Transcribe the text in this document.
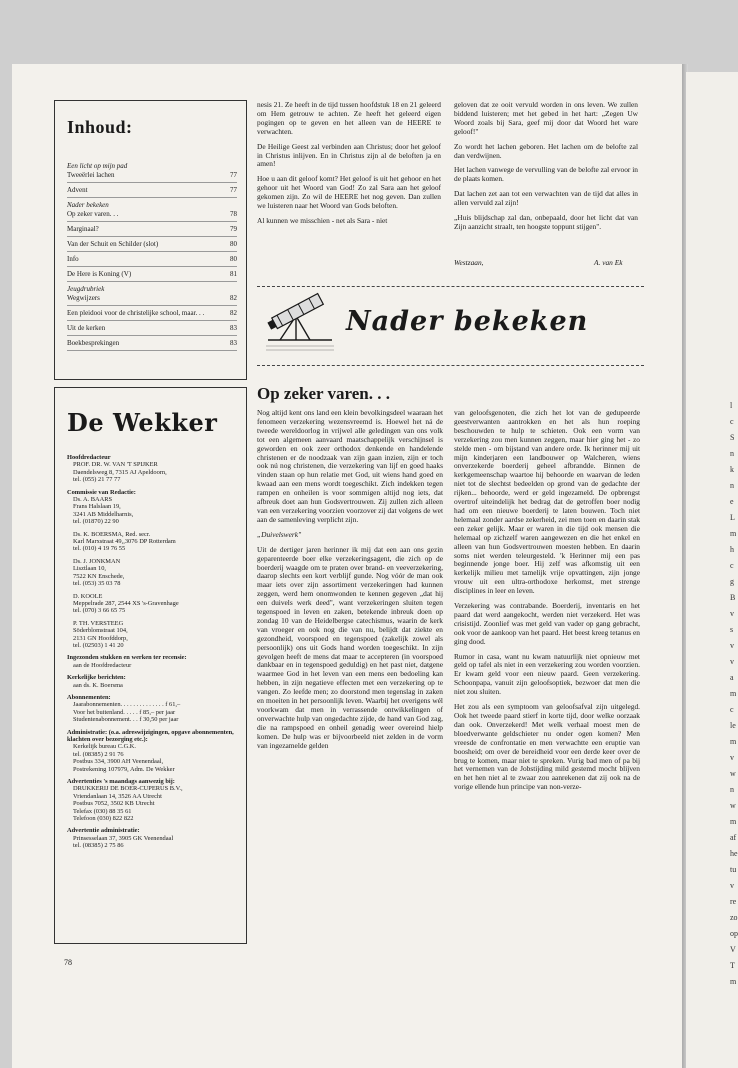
l
c
S
n
k
n
e
L
m
h
c
g
B
v
s
v
v
a
m
c
le
m
v
w
n
w
m
af
he
tu
v
re
zo
op
V
T
m
Inhoud:
Een licht op mijn pad
Tweeërlei lachen	77
Advent	77
Nader bekeken
Op zeker varen. . .	78
Marginaal?	79
Van der Schuit en Schilder (slot)	80
Info	80
De Here is Koning (V)	81
Jeugdrubriek
Wegwijzers	82
Een pleidooi voor de christelijke school, maar. . .	82
Uit de kerken	83
Boekbesprekingen	83
De Wekker
Hoofdredacteur
PROF. DR. W. VAN 'T SPIJKER
Daendelsweg 8, 7315 AJ Apeldoorn,
tel. (055) 21 77 77
Commissie van Redactie:
Ds. A. BAARS
Frans Halslaan 19,
3241 AB Middelharnis,
tel. (01870) 22 90
Ds. K. BOERSMA, Red. secr.
Karl Marxstraat 49,,3076 DP Rotterdam
tel. (010) 4 19 76 55
Ds. J. JONKMAN
Lisztlaan 10,
7522 KN Enschede,
tel. (053) 35 03 78
D. KOOLE
Meppelrade 287, 2544 XS 's-Gravenhage
tel. (070) 3 66 65 75
P. TH. VERSTEEG
Söderblomstraat 104,
2131 GN Hoofddorp,
tel. (02503) 1 41 20
Ingezonden stukken en werken ter recensie:
aan de Hoofdredacteur
Kerkelijke berichten:
aan ds. K. Boersma
Abonnementen:
Jaarabonnementen. . . . . . . . . . . . . . f 61,–
Voor het buitenland. . . . . f 85,– per jaar
Studentenabonnement. . . f 30,50 per jaar
Administratie: (o.a. adreswijzigingen, opgave abonnementen, klachten over bezorging etc.):
Kerkelijk bureau C.G.K.
tel. (08385) 2 91 76
Postbus 334, 3900 AH Veenendaal,
Postrekening 107979, Adm. De Wekker
Advertenties 's maandags aanwezig bij:
DRUKKERIJ DE BOER-CUPERUS B.V.,
Vriendanlaan 14, 3526 AA Utrecht
Postbus 7052, 3502 KB Utrecht
Telefax (030) 88 35 61
Telefoon (030) 822 822
Advertentie administratie:
Prinsesselaan 37, 3905 GK Veenendaal
tel. (08385) 2 75 86

nesis 21. Ze heeft in de tijd tussen hoofdstuk 18 en 21 geleerd om Hem getrouw te achten. Ze heeft het geleerd eigen pogingen op te geven en het alleen van de HEERE te verwachten.

De Heilige Geest zal verbinden aan Christus; door het geloof in Christus inlijven. En in Christus zijn al de beloften ja en amen!

Hoe u aan dit geloof komt? Het geloof is uit het gehoor en het gehoor uit het Woord van God! Zo zal Sara aan het geloof gekomen zijn. Zo wil de HEERE het nog geven. Dan zullen we luisteren naar het Woord van Gods beloften.

Al kunnen we misschien - net als Sara - niet

geloven dat ze ooit vervuld worden in ons leven. We zullen biddend luisteren; met het gebed in het hart: „Zegen Uw Woord zoals bij Sara, geef mij door dat Woord het ware geloof!"

Zo wordt het lachen geboren. Het lachen om de belofte zal dan verdwijnen.

Het lachen vanwege de vervulling van de belofte zal ervoor in de plaats komen.

Dat lachen zet aan tot een verwachten van de tijd dat alles in allen vervuld zal zijn!

„Huis blijdschap zal dan, onbepaald, door het licht dat van Zijn aanzicht straalt, ten hoogste toppunt stijgen".

Westzaan,	A. van Ek
Nader bekeken
Op zeker varen. . .

Nog altijd kent ons land een klein bevolkingsdeel waaraan het fenomeen verzekering wezensvreemd is. Hoewel het ná de tweede wereldoorlog in vrijwel alle geledingen van ons volk tot een algemeen aanvaard maatschappelijk verschijnsel is geworden en ook zeer orthodox denkende en handelende christenen er de noodzaak van zijn gaan inzien, zijn er toch ook nú nog christenen, die verzekering van lijf en goed haaks vinden staan op hun relatie met God, uit wiens hand goed en kwaad aan een mens wordt toegeschikt. Zich indekken tegen rampen en onheilen is voor sommigen altijd nog iets, dat afbreuk doet aan hun Godsvertrouwen. Zij zullen zich alleen van een verzekering voorzien voorzover zij dat volgens de wet aan de samenleving verplicht zijn.

„Duivelswerk"

Uit de dertiger jaren herinner ik mij dat een aan ons gezin geparenteerde boer elke verzekeringsagent, die zich op de boerderij waagde om te praten over brand- en veeverzekering, daarop slechts een kort verblijf gunde. Nog vóór de man ook maar iets over zijn assortiment verzekeringen had kunnen zeggen, werd hem onomwonden te kennen gegeven „dat hij een duivels werk deed", want verzekeringen sluiten tegen tegenspoed in leven en zaken, betekende inbreuk doen op zondag 10 van de Heidelbergse catechismus, waarin de kerk van vroeger en ook nog die van nu, belijdt dat ziekte en gezondheid, voorspoed en tegenspoed (zakelijk zowel als persoonlijk) ons uit Gods hand worden toegeschikt. In zijn gevolgen heeft de mens dat maar te accepteren (in voorspoed dankbaar en in tegenspoed geduldig) en het past niet, datgene waarmee God in het leven van een mens een bedoeling kan hebben, in zijn negatieve effecten met een verzekering op te vangen. Zo leefde men; zo doorstond men tegenslag in zaken en moeiten in het persoonlijk leven. Waarbij het overigens wél voorkwam dat men in verrassende ontwikkelingen of onverwachte hulp van ongedachte zijde, de hand van God zag, die na rampspoed en onheil genadig weer overeind hielp komen. De hulp was er bijvoorbeeld niet zelden in de vorm van ingezamelde gelden

van geloofsgenoten, die zich het lot van de gedupeerde geestverwanten aantrokken en het als hun roeping beschouwden te hulp te schieten. Ook een vorm van verzekering zou men kunnen zeggen, maar hier ging het - zo stelde men - om bijstand van andere orde. Ik herinner mij uit mijn kinderjaren een landbouwer op Walcheren, wiens onverzekerde boerderij geheel afbrandde. Binnen de kerkgemeenschap waartoe hij behoorde en waarvan de leden niet tot de slechtst bedeelden op grond van de gedachte der rijken... behoorde, werd er geld ingezameld. De opbrengst overtrof uiteindelijk het bedrag dat de getroffen boer nodig had om een nieuwe boerderij te laten bouwen. Toch niet helemaal zonder aardse zekerheid, zei men toen en daarin stak een zeker gelijk. Maar er waren in die tijd ook mensen die helemaal op zichzelf waren aangewezen en die het enkel en alleen van hun Godsvertrouwen moesten hebben. En daarin soms niet werden teleurgesteld. 'k Herinner mij een pas beginnende jonge boer. Hij zelf was afkomstig uit een kerkelijk milieu met tamelijk vrije opvattingen, zijn jonge vrouw uit een ultra-orthodoxe herkomst, met strenge disciplines in leer en leven.

Verzekering was contrabande. Boerderij, inventaris en het paard dat werd aangekocht, werden niet verzekerd. Het was crisistijd. Zoonlief was met geld van vader op gang gebracht, ook voor de aankoop van het paard. Het beest kreeg tetanus en ging dood.

Rumor in casa, want nu kwam natuurlijk niet opnieuw met geld op tafel als niet in een verzekering zou worden voorzien. Er kwam geld voor een nieuw paard. Geen verzekering. Schoonpapa, vanuit zijn geloofsoptiek, bezwoer dat men die niet zou sluiten.

Het zou als een symptoom van geloofsafval zijn uitgelegd. Ook het tweede paard stierf in korte tijd, door welke oorzaak dan ook. Onverzekerd! Met welk verhaal moest men de bloedverwante geldschieter nu onder ogen komen? Men vreesde de confrontatie en men verwachtte een eruptie van boosheid; om over de bereidheid voor een derde keer over de brug te komen, maar niet te spreken. Vurig bad men of pa bij het vernemen van de Jobstijding mild gestemd mocht blijven en het hen niet al te zwaar zou aanrekenen dat zij ook na de vorige ellende hun principe van non-verze-

78
